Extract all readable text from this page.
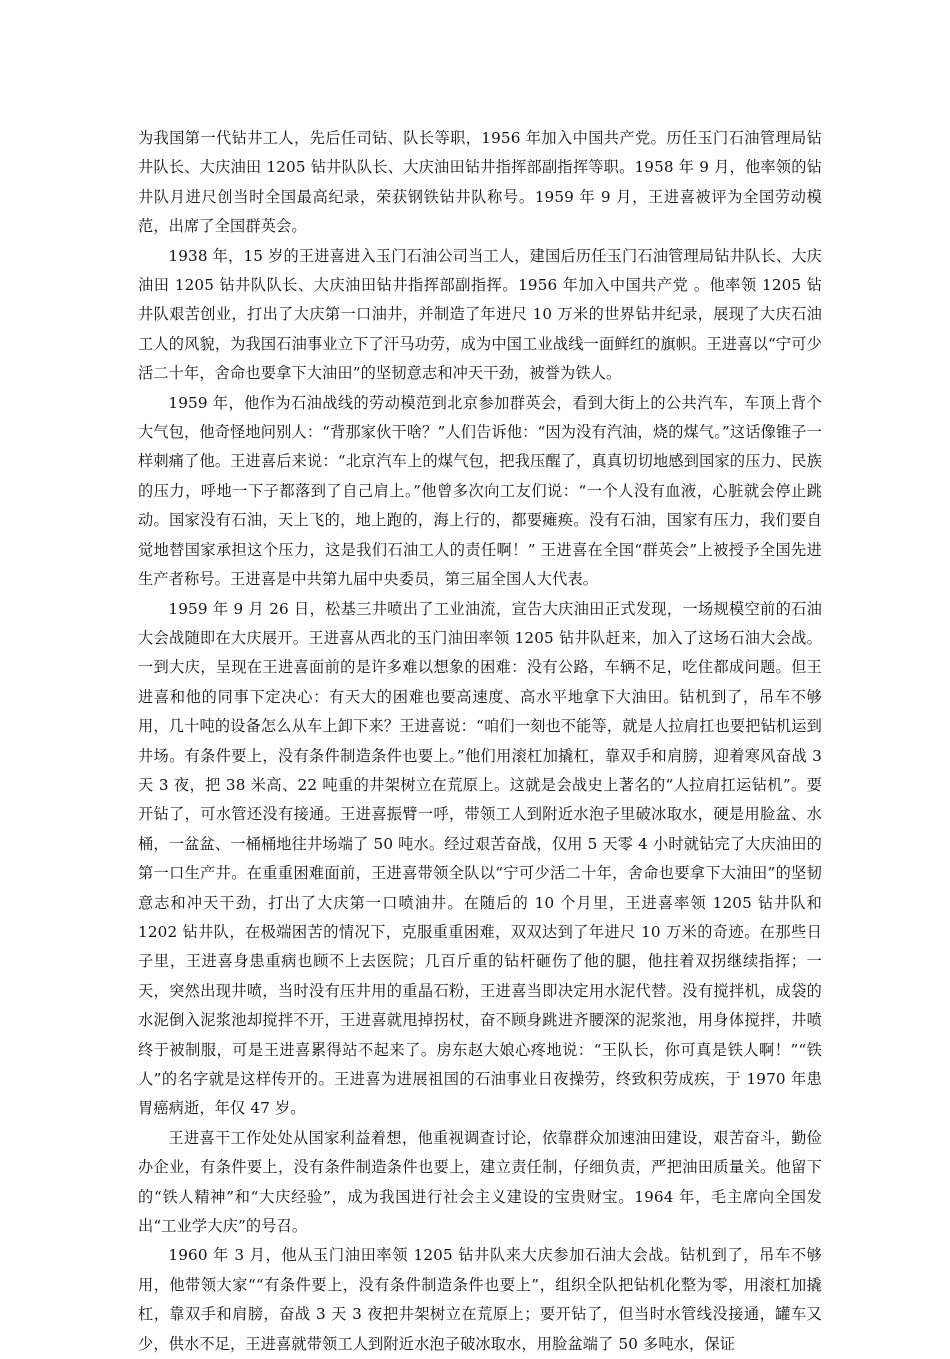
为我国第一代钻井工人，先后任司钻、队长等职，1956 年加入中国共产党。历任玉门石油管理局钻井队长、大庆油田 1205 钻井队队长、大庆油田钻井指挥部副指挥等职。1958 年 9 月，他率领的钻井队月进尺创当时全国最高纪录，荣获钢铁钻井队称号。1959 年 9 月，王进喜被评为全国劳动模范，出席了全国群英会。

1938 年，15 岁的王进喜进入玉门石油公司当工人，建国后历任玉门石油管理局钻井队长、大庆油田 1205 钻井队队长、大庆油田钻井指挥部副指挥。1956 年加入中国共产党 。他率领 1205 钻井队艰苦创业，打出了大庆第一口油井，并制造了年进尺 10 万米的世界钻井纪录，展现了大庆石油工人的风貌，为我国石油事业立下了汗马功劳，成为中国工业战线一面鲜红的旗帜。王进喜以“宁可少活二十年，舍命也要拿下大油田”的坚韧意志和冲天干劲，被誉为铁人。

1959 年，他作为石油战线的劳动模范到北京参加群英会，看到大街上的公共汽车，车顶上背个大气包，他奇怪地问别人：“背那家伙干啥？”人们告诉他：“因为没有汽油，烧的煤气。”这话像锥子一样刺痛了他。王进喜后来说：“北京汽车上的煤气包，把我压醒了，真真切切地感到国家的压力、民族的压力，呼地一下子都落到了自己肩上。”他曾多次向工友们说：“一个人没有血液，心脏就会停止跳动。国家没有石油，天上飞的，地上跑的，海上行的，都要瘫痪。没有石油，国家有压力，我们要自觉地替国家承担这个压力，这是我们石油工人的责任啊！” 王进喜在全国“群英会”上被授予全国先进生产者称号。王进喜是中共第九届中央委员，第三届全国人大代表。

1959 年 9 月 26 日，松基三井喷出了工业油流，宣告大庆油田正式发现，一场规模空前的石油大会战随即在大庆展开。王进喜从西北的玉门油田率领 1205 钻井队赶来，加入了这场石油大会战。一到大庆，呈现在王进喜面前的是许多难以想象的困难：没有公路，车辆不足，吃住都成问题。但王进喜和他的同事下定决心：有天大的困难也要高速度、高水平地拿下大油田。钻机到了，吊车不够用，几十吨的设备怎么从车上卸下来？王进喜说：“咱们一刻也不能等，就是人拉肩扛也要把钻机运到井场。有条件要上，没有条件制造条件也要上。”他们用滚杠加撬杠，靠双手和肩膀，迎着寒风奋战 3 天 3 夜，把 38 米高、22 吨重的井架树立在荒原上。这就是会战史上著名的“人拉肩扛运钻机”。要开钻了，可水管还没有接通。王进喜振臂一呼，带领工人到附近水泡子里破冰取水，硬是用脸盆、水桶，一盆盆、一桶桶地往井场端了 50 吨水。经过艰苦奋战，仅用 5 天零 4 小时就钻完了大庆油田的第一口生产井。在重重困难面前，王进喜带领全队以“宁可少活二十年，舍命也要拿下大油田”的坚韧意志和冲天干劲，打出了大庆第一口喷油井。在随后的 10 个月里，王进喜率领 1205 钻井队和 1202 钻井队，在极端困苦的情况下，克服重重困难，双双达到了年进尺 10 万米的奇迹。在那些日子里，王进喜身患重病也顾不上去医院；几百斤重的钻杆砸伤了他的腿，他拄着双拐继续指挥；一天，突然出现井喷，当时没有压井用的重晶石粉，王进喜当即决定用水泥代替。没有搅拌机，成袋的水泥倒入泥浆池却搅拌不开，王进喜就甩掉拐杖，奋不顾身跳进齐腰深的泥浆池，用身体搅拌，井喷终于被制服，可是王进喜累得站不起来了。房东赵大娘心疼地说：“王队长，你可真是铁人啊！”“铁人”的名字就是这样传开的。王进喜为进展祖国的石油事业日夜操劳，终致积劳成疾，于 1970 年患胃癌病逝，年仅 47 岁。

王进喜干工作处处从国家利益着想，他重视调查讨论，依靠群众加速油田建设，艰苦奋斗，勤俭办企业，有条件要上，没有条件制造条件也要上，建立责任制，仔细负责，严把油田质量关。他留下的“铁人精神”和“大庆经验”，成为我国进行社会主义建设的宝贵财宝。1964 年，毛主席向全国发出“工业学大庆”的号召。

1960 年 3 月，他从玉门油田率领 1205 钻井队来大庆参加石油大会战。钻机到了，吊车不够用，他带领大家““有条件要上，没有条件制造条件也要上”，组织全队把钻机化整为零，用滚杠加撬杠，靠双手和肩膀，奋战 3 天 3 夜把井架树立在荒原上；要开钻了，但当时水管线没接通，罐车又少，供水不足，王进喜就带领工人到附近水泡子破冰取水，用脸盆端了 50 多吨水，保证
